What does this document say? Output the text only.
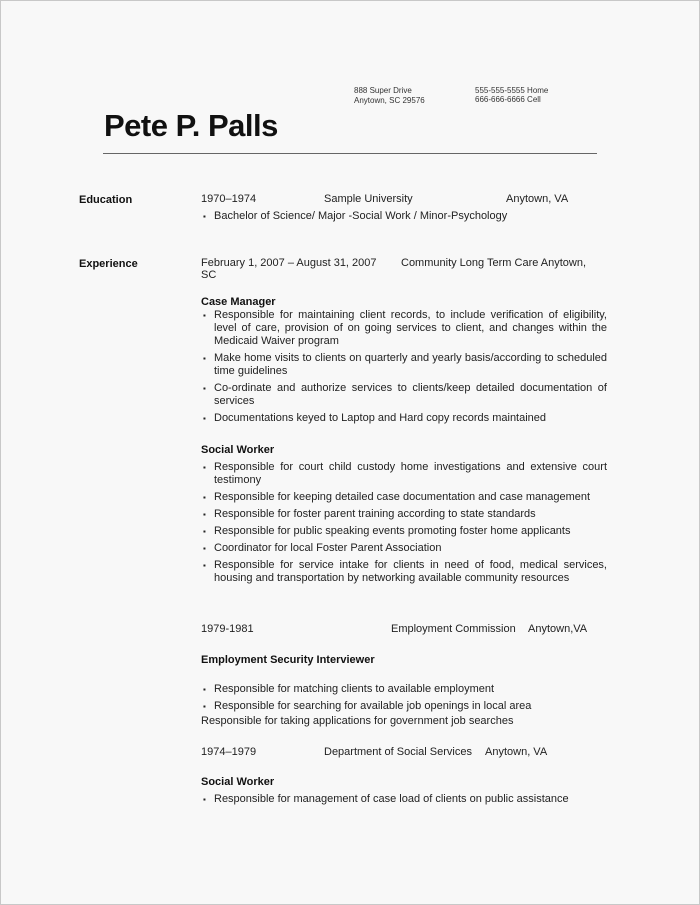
888 Super Drive
Anytown, SC 29576
555-555-5555 Home
666-666-6666 Cell
Pete P. Palls
Education	1970–1974	Sample University	Anytown, VA
▪ Bachelor of Science/ Major -Social Work / Minor-Psychology
Experience	February 1, 2007 – August 31, 2007 Community Long Term Care Anytown,
SC
Case Manager
▪ Responsible for maintaining client records, to include verification of eligibility, level of care, provision of on going services to client, and changes within the Medicaid Waiver program
▪ Make home visits to clients on quarterly and yearly basis/according to scheduled time guidelines
▪ Co-ordinate and authorize services to clients/keep detailed documentation of services
▪ Documentations keyed to Laptop and Hard copy records maintained
Social Worker
▪ Responsible for court child custody home investigations and extensive court testimony
▪ Responsible for keeping detailed case documentation and case management
▪ Responsible for foster parent training according to state standards
▪ Responsible for public speaking events promoting foster home applicants
▪ Coordinator for local Foster Parent Association
▪ Responsible for service intake for clients in need of food, medical services, housing and transportation by networking available community resources
1979-1981	Employment Commission Anytown,VA
Employment Security Interviewer
▪ Responsible for matching clients to available employment
▪ Responsible for searching for available job openings in local area
Responsible for taking applications for government job searches
1974–1979	Department of Social Services Anytown, VA
Social Worker
▪ Responsible for management of case load of clients on public assistance
